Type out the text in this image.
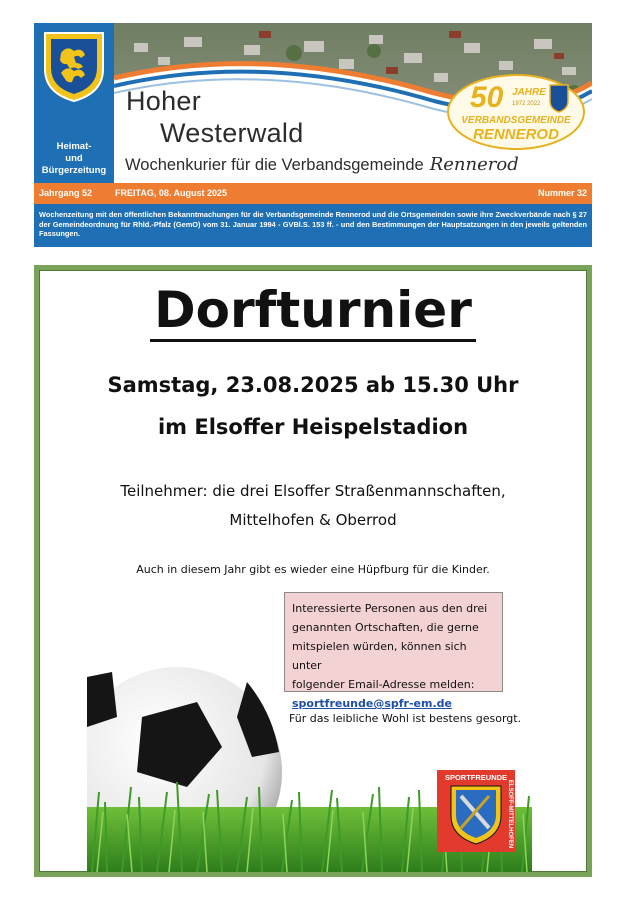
Heimat-
und
Bürgerzeitung
Hoher
Westerwald
Wochenkurier für die Verbandsgemeinde Rennerod
50 JAHRE
1972 2022
VERBANDSGEMEINDE
RENNEROD
Jahrgang 52	FREITAG, 08. August 2025	Nummer 32
Wochenzeitung mit den öffentlichen Bekanntmachungen für die Verbandsgemeinde Rennerod und die Ortsgemeinden sowie ihre Zweckverbände nach § 27 der Gemeindeordnung für Rhld.-Pfalz (GemO) vom 31. Januar 1994 - GVBl.S. 153 ff. - und den Bestimmungen der Hauptsatzungen in den jeweils geltenden Fassungen.
Dorfturnier
Samstag, 23.08.2025 ab 15.30 Uhr
im Elsoffer Heispelstadion
Teilnehmer: die drei Elsoffer Straßenmannschaften,
Mittelhofen & Oberrod
Auch in diesem Jahr gibt es wieder eine Hüpfburg für die Kinder.
Interessierte Personen aus den drei
genannten Ortschaften, die gerne
mitspielen würden, können sich unter
folgender Email-Adresse melden:
sportfreunde@spfr-em.de
Für das leibliche Wohl ist bestens gesorgt.
SPORTFREUNDE
ELSOFF-MITTELHOFEN
